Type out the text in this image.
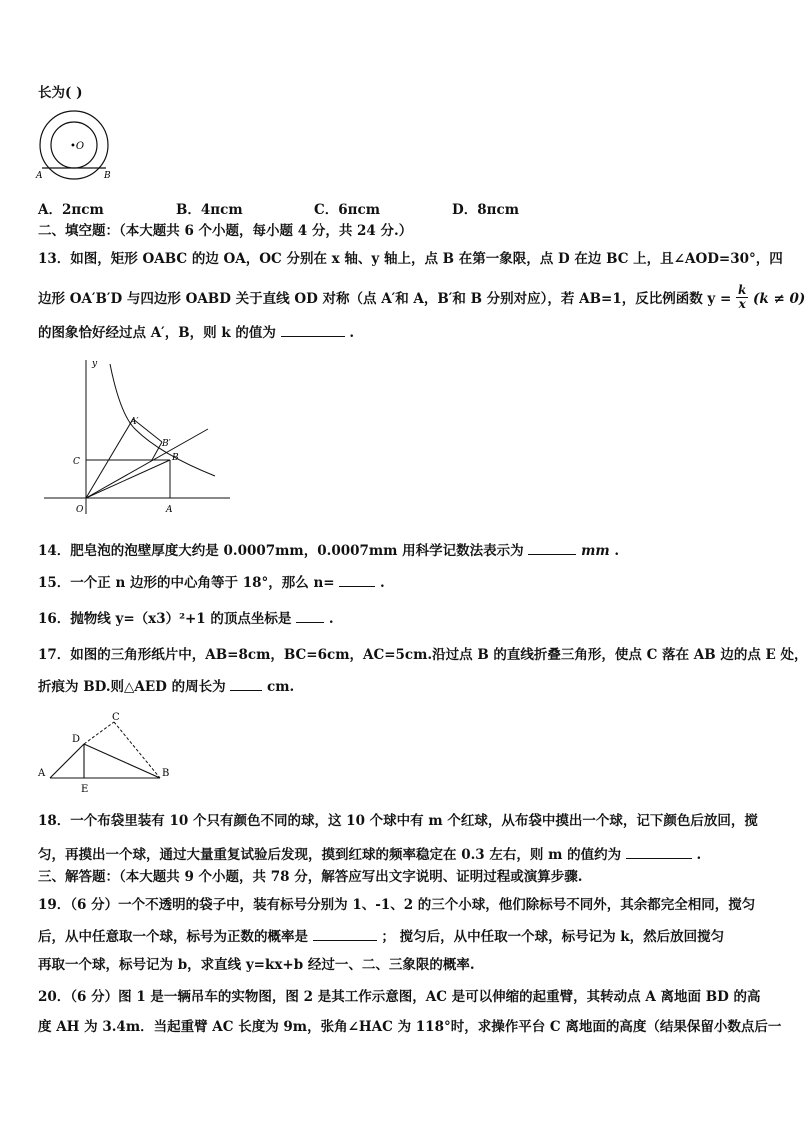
长为( )
•O
A	B
A．2πcm	B．4πcm	C．6πcm	D．8πcm
二、填空题：（本大题共 6 个小题，每小题 4 分，共 24 分.）
13．如图，矩形 OABC 的边 OA，OC 分别在 x 轴、y 轴上，点 B 在第一象限，点 D 在边 BC 上，且∠AOD=30°，四
边形 OA′B′D 与四边形 OABD 关于直线 OD 对称（点 A′和 A，B′和 B 分别对应），若 AB=1，反比例函数 $y = \frac{k}{x} (k \ne 0)$
的图象恰好经过点 A′，B，则 k 的值为	.
y
A′
B′
C	B
O	A
14．肥皂泡的泡壁厚度大约是 0.0007mm，0.0007mm 用科学记数法表示为	mm .
15．一个正 n 边形的中心角等于 18°，那么 n=	.
16．抛物线 y=（x3）²+1 的顶点坐标是	.
17．如图的三角形纸片中，AB=8cm，BC=6cm，AC=5cm.沿过点 B 的直线折叠三角形，使点 C 落在 AB 边的点 E 处，
折痕为 BD.则△AED 的周长为	cm.
C
D
A	B
E
18．一个布袋里装有 10 个只有颜色不同的球，这 10 个球中有 m 个红球，从布袋中摸出一个球，记下颜色后放回，搅
匀，再摸出一个球，通过大量重复试验后发现，摸到红球的频率稳定在 0.3 左右，则 m 的值约为	.
三、解答题：（本大题共 9 个小题，共 78 分，解答应写出文字说明、证明过程或演算步骤.
19．（6 分）一个不透明的袋子中，装有标号分别为 1、-1、2 的三个小球，他们除标号不同外，其余都完全相同，搅匀
后，从中任意取一个球，标号为正数的概率是	； 搅匀后，从中任取一个球，标号记为 k，然后放回搅匀
再取一个球，标号记为 b，求直线 y=kx+b 经过一、二、三象限的概率.
20．（6 分）图 1 是一辆吊车的实物图，图 2 是其工作示意图，AC 是可以伸缩的起重臂，其转动点 A 离地面 BD 的高
度 AH 为 3.4m．当起重臂 AC 长度为 9m，张角∠HAC 为 118°时，求操作平台 C 离地面的高度（结果保留小数点后一
